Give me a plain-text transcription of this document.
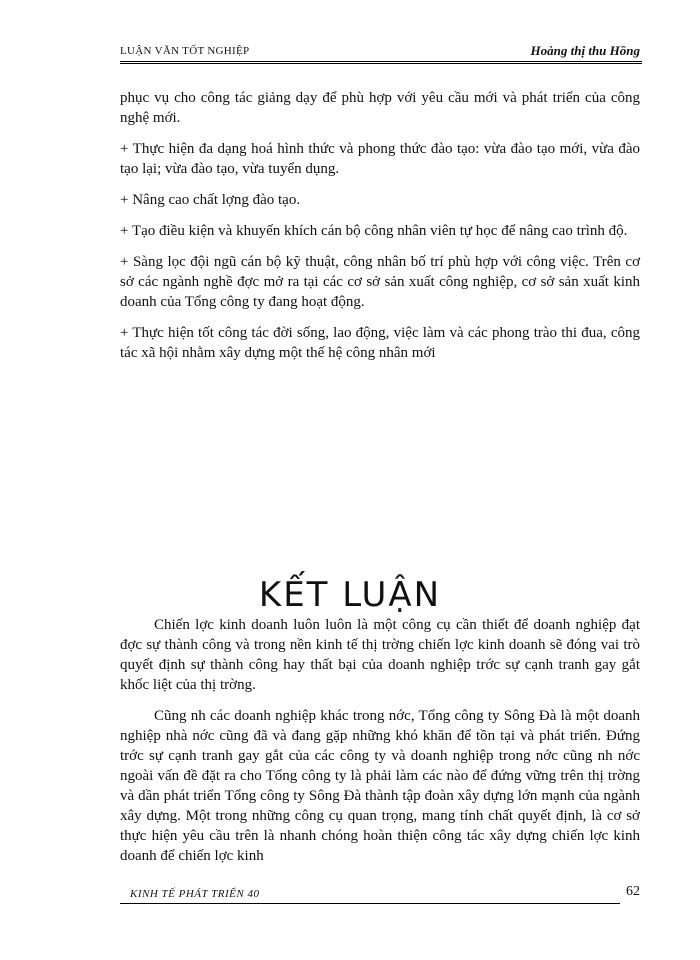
LUẬN VĂN TỐT NGHIỆP	Hoàng thị thu Hồng

phục vụ cho công tác giảng dạy để phù hợp với yêu cầu mới và phát triển của công nghệ mới.

+ Thực hiện đa dạng hoá hình thức và phong thức đào tạo: vừa đào tạo mới, vừa đào tạo lại; vừa đào tạo, vừa tuyển dụng.

+ Nâng cao chất lợng đào tạo.

+ Tạo điều kiện và khuyến khích cán bộ công nhân viên tự học để nâng cao trình độ.

+ Sàng lọc đội ngũ cán bộ kỹ thuật, công nhân bố trí phù hợp với công việc. Trên cơ sở các ngành nghề đợc mở ra tại các cơ sở sản xuất công nghiệp, cơ sở sản xuất kinh doanh của Tổng công ty đang hoạt động.

+ Thực hiện tốt công tác đời sống, lao động, việc làm và các phong trào thi đua, công tác xã hội nhằm xây dựng một thế hệ công nhân mới

KẾT LUẬN

Chiến lợc kinh doanh luôn luôn là một công cụ cần thiết để doanh nghiệp đạt đợc sự thành công và trong nền kinh tế thị trờng chiến lợc kinh doanh sẽ đóng vai trò quyết định sự thành công hay thất bại của doanh nghiệp trớc sự cạnh tranh gay gắt khốc liệt của thị trờng.

Cũng nh các doanh nghiệp khác trong nớc, Tổng công ty Sông Đà là một doanh nghiệp nhà nớc cũng đã và đang gặp những khó khăn để tồn tại và phát triển. Đứng trớc sự cạnh tranh gay gắt của các công ty và doanh nghiệp trong nớc cũng nh nớc ngoài vấn đề đặt ra cho Tổng công ty là phải làm các nào để đứng vững trên thị trờng và dần phát triển Tổng công ty Sông Đà thành tập đoàn xây dựng lớn mạnh của ngành xây dựng. Một trong những công cụ quan trọng, mang tính chất quyết định, là cơ sở thực hiện yêu cầu trên là nhanh chóng hoàn thiện công tác xây dựng chiến lợc kinh doanh để chiến lợc kinh

KINH TẾ PHÁT TRIỂN 40	62
